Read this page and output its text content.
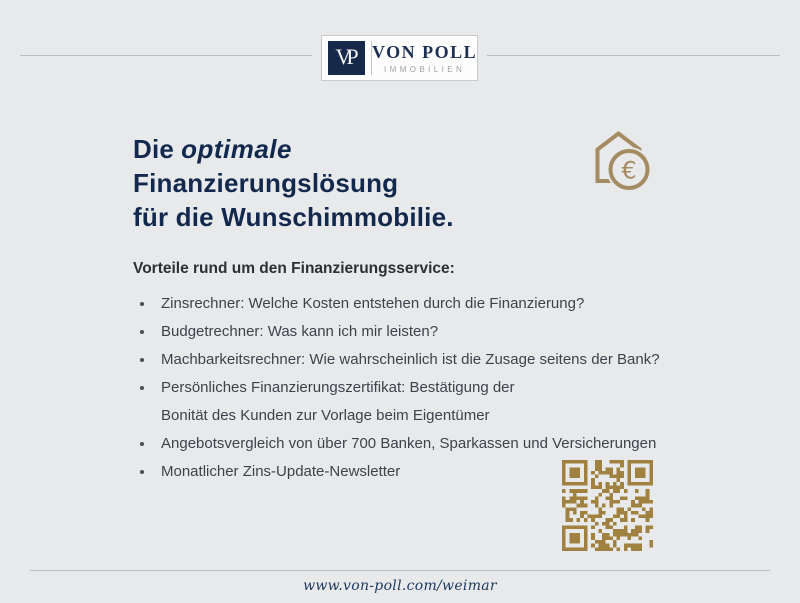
VP VON POLL
IMMOBILIEN
Die optimale
Finanzierungslösung
für die Wunschimmobilie.
€
Vorteile rund um den Finanzierungsservice:
Zinsrechner: Welche Kosten entstehen durch die Finanzierung?
Budgetrechner: Was kann ich mir leisten?
Machbarkeitsrechner: Wie wahrscheinlich ist die Zusage seitens der Bank?
Persönliches Finanzierungszertifikat: Bestätigung der
Bonität des Kunden zur Vorlage beim Eigentümer
Angebotsvergleich von über 700 Banken, Sparkassen und Versicherungen
Monatlicher Zins-Update-Newsletter
www.von-poll.com/weimar
